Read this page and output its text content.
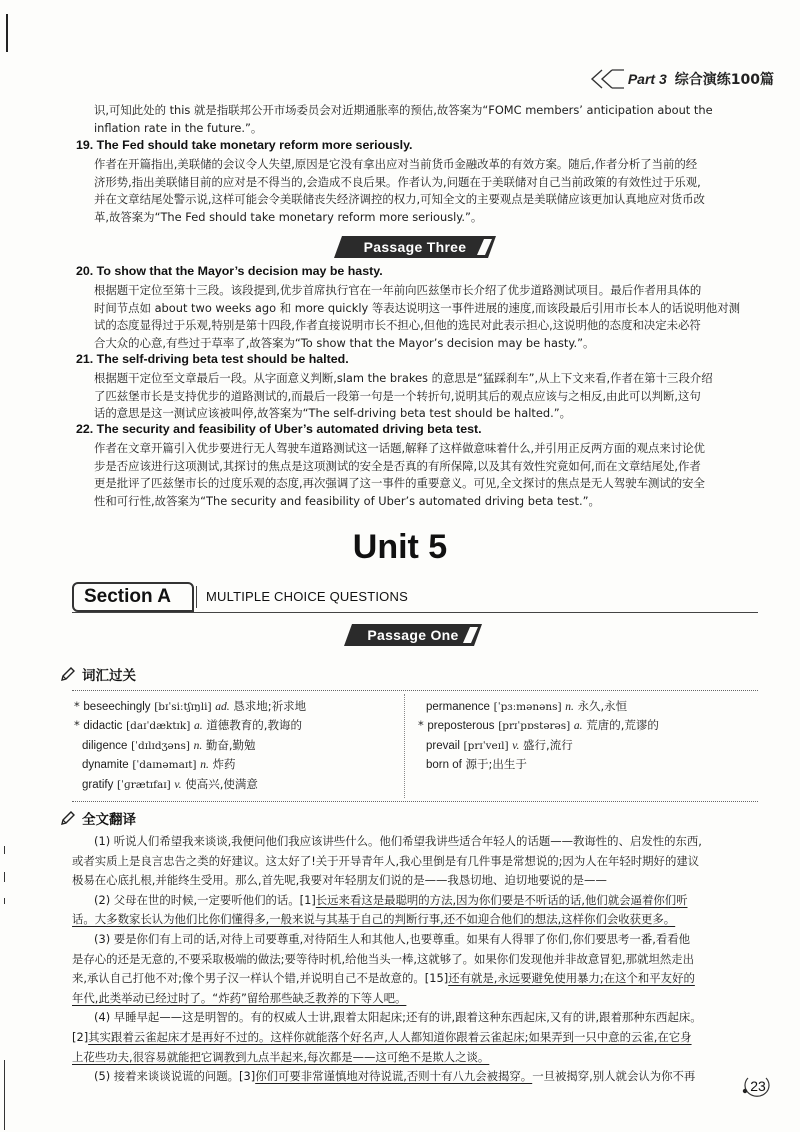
Part 3 综合演练100篇
识,可知此处的 this 就是指联邦公开市场委员会对近期通胀率的预估,故答案为“FOMC members’ anticipation about the
inflation rate in the future.”。
19. The Fed should take monetary reform more seriously.
作者在开篇指出,美联储的会议令人失望,原因是它没有拿出应对当前货币金融改革的有效方案。随后,作者分析了当前的经
济形势,指出美联储目前的应对是不得当的,会造成不良后果。作者认为,问题在于美联储对自己当前政策的有效性过于乐观,
并在文章结尾处警示说,这样可能会令美联储丧失经济调控的权力,可知全文的主要观点是美联储应该更加认真地应对货币改
革,故答案为“The Fed should take monetary reform more seriously.”。
Passage Three
20. To show that the Mayor’s decision may be hasty.
根据题干定位至第十三段。该段提到,优步首席执行官在一年前向匹兹堡市长介绍了优步道路测试项目。最后作者用具体的
时间节点如 about two weeks ago 和 more quickly 等表达说明这一事件进展的速度,而该段最后引用市长本人的话说明他对测
试的态度显得过于乐观,特别是第十四段,作者直接说明市长不担心,但他的选民对此表示担心,这说明他的态度和决定未必符
合大众的心意,有些过于草率了,故答案为“To show that the Mayor’s decision may be hasty.”。
21. The self-driving beta test should be halted.
根据题干定位至文章最后一段。从字面意义判断,slam the brakes 的意思是“猛踩刹车”,从上下文来看,作者在第十三段介绍
了匹兹堡市长是支持优步的道路测试的,而最后一段第一句是一个转折句,说明其后的观点应该与之相反,由此可以判断,这句
话的意思是这一测试应该被叫停,故答案为“The self-driving beta test should be halted.”。
22. The security and feasibility of Uber’s automated driving beta test.
作者在文章开篇引入优步要进行无人驾驶车道路测试这一话题,解释了这样做意味着什么,并引用正反两方面的观点来讨论优
步是否应该进行这项测试,其探讨的焦点是这项测试的安全是否真的有所保障,以及其有效性究竟如何,而在文章结尾处,作者
更是批评了匹兹堡市长的过度乐观的态度,再次强调了这一事件的重要意义。可见,全文探讨的焦点是无人驾驶车测试的安全
性和可行性,故答案为“The security and feasibility of Uber’s automated driving beta test.”。
Unit 5
Section A	MULTIPLE CHOICE QUESTIONS
Passage One
词汇过关
* beseechingly [bɪˈsiːtʃɪŋli] ad. 恳求地;祈求地
* didactic [daɪˈdæktɪk] a. 道德教育的,教诲的
diligence [ˈdɪlɪdʒəns] n. 勤奋,勤勉
dynamite [ˈdaɪnəmaɪt] n. 炸药
gratify [ˈɡrætɪfaɪ] v. 使高兴,使满意
permanence [ˈpɜːmənəns] n. 永久,永恒
* preposterous [prɪˈpɒstərəs] a. 荒唐的,荒谬的
prevail [prɪˈveɪl] v. 盛行,流行
born of 源于;出生于
全文翻译
(1) 听说人们希望我来谈谈,我便问他们我应该讲些什么。他们希望我讲些适合年轻人的话题——教诲性的、启发性的东西,
或者实质上是良言忠告之类的好建议。这太好了!关于开导青年人,我心里倒是有几件事是常想说的;因为人在年轻时期好的建议
极易在心底扎根,并能终生受用。那么,首先呢,我要对年轻朋友们说的是——我恳切地、迫切地要说的是——
(2) 父母在世的时候,一定要听他们的话。[1]长远来看这是最聪明的方法,因为你们要是不听话的话,他们就会逼着你们听
话。大多数家长认为他们比你们懂得多,一般来说与其基于自己的判断行事,还不如迎合他们的想法,这样你们会收获更多。
(3) 要是你们有上司的话,对待上司要尊重,对待陌生人和其他人,也要尊重。如果有人得罪了你们,你们要思考一番,看看他
是存心的还是无意的,不要采取极端的做法;要等待时机,给他当头一棒,这就够了。如果你们发现他并非故意冒犯,那就坦然走出
来,承认自己打他不对;像个男子汉一样认个错,并说明自己不是故意的。[15]还有就是,永远要避免使用暴力;在这个和平友好的
年代,此类举动已经过时了。“炸药”留给那些缺乏教养的下等人吧。
(4) 早睡早起——这是明智的。有的权威人士讲,跟着太阳起床;还有的讲,跟着这种东西起床,又有的讲,跟着那种东西起床。
[2]其实跟着云雀起床才是再好不过的。这样你就能落个好名声,人人都知道你跟着云雀起床;如果弄到一只中意的云雀,在它身
上花些功夫,很容易就能把它调教到九点半起来,每次都是——这可绝不是欺人之谈。
(5) 接着来谈谈说谎的问题。[3]你们可要非常谨慎地对待说谎,否则十有八九会被揭穿。一旦被揭穿,别人就会认为你不再
23
